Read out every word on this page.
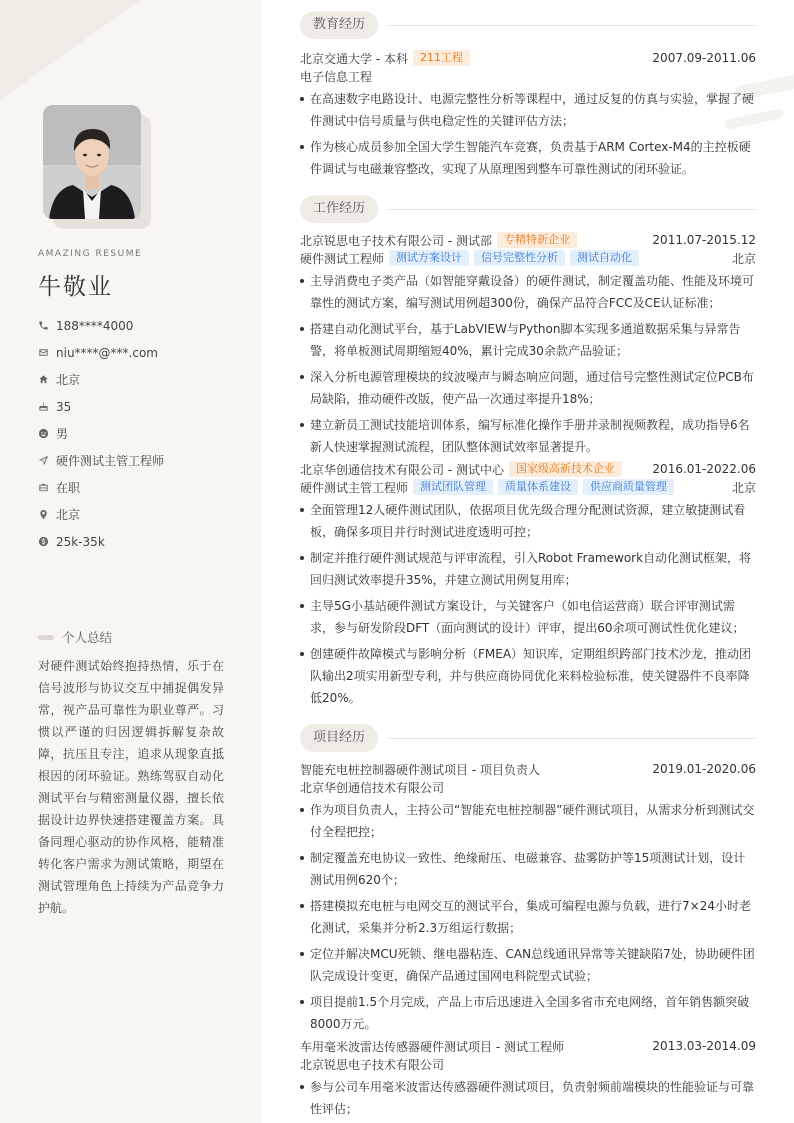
AMAZING RESUME
牛敬业
188****4000
niu****@***.com
北京
35
男
硬件测试主管工程师
在职
北京
25k-35k
个人总结

对硬件测试始终抱持热情，乐于在信号波形与协议交互中捕捉偶发异常，视产品可靠性为职业尊严。习惯以严谨的归因逻辑拆解复杂故障，抗压且专注，追求从现象直抵根因的闭环验证。熟练驾驭自动化测试平台与精密测量仪器，擅长依据设计边界快速搭建覆盖方案。具备同理心驱动的协作风格，能精准转化客户需求为测试策略，期望在测试管理角色上持续为产品竞争力护航。

教育经历
北京交通大学 - 本科	211工程	2007.09-2011.06
电子信息工程
在高速数字电路设计、电源完整性分析等课程中，通过反复的仿真与实验，掌握了硬件测试中信号质量与供电稳定性的关键评估方法；
作为核心成员参加全国大学生智能汽车竞赛，负责基于ARM Cortex-M4的主控板硬件调试与电磁兼容整改，实现了从原理图到整车可靠性测试的闭环验证。
工作经历
北京锐思电子技术有限公司 - 测试部	专精特新企业	2011.07-2015.12
硬件测试工程师	测试方案设计	信号完整性分析	测试自动化	北京
主导消费电子类产品（如智能穿戴设备）的硬件测试，制定覆盖功能、性能及环境可靠性的测试方案，编写测试用例超300份，确保产品符合FCC及CE认证标准；
搭建自动化测试平台，基于LabVIEW与Python脚本实现多通道数据采集与异常告警，将单板测试周期缩短40%，累计完成30余款产品验证；
深入分析电源管理模块的纹波噪声与瞬态响应问题，通过信号完整性测试定位PCB布局缺陷，推动硬件改版，使产品一次通过率提升18%；
建立新员工测试技能培训体系，编写标准化操作手册并录制视频教程，成功指导6名新人快速掌握测试流程，团队整体测试效率显著提升。
北京华创通信技术有限公司 - 测试中心	国家级高新技术企业	2016.01-2022.06
硬件测试主管工程师	测试团队管理	质量体系建设	供应商质量管理	北京
全面管理12人硬件测试团队，依据项目优先级合理分配测试资源，建立敏捷测试看板，确保多项目并行时测试进度透明可控；
制定并推行硬件测试规范与评审流程，引入Robot Framework自动化测试框架，将回归测试效率提升35%，并建立测试用例复用库；
主导5G小基站硬件测试方案设计，与关键客户（如电信运营商）联合评审测试需求，参与研发阶段DFT（面向测试的设计）评审，提出60余项可测试性优化建议；
创建硬件故障模式与影响分析（FMEA）知识库，定期组织跨部门技术沙龙，推动团队输出2项实用新型专利，并与供应商协同优化来料检验标准，使关键器件不良率降低20%。
项目经历
智能充电桩控制器硬件测试项目 - 项目负责人	2019.01-2020.06
北京华创通信技术有限公司
作为项目负责人，主持公司“智能充电桩控制器”硬件测试项目，从需求分析到测试交付全程把控；
制定覆盖充电协议一致性、绝缘耐压、电磁兼容、盐雾防护等15项测试计划，设计测试用例620个；
搭建模拟充电桩与电网交互的测试平台，集成可编程电源与负载，进行7×24小时老化测试，采集并分析2.3万组运行数据；
定位并解决MCU死锁、继电器粘连、CAN总线通讯异常等关键缺陷7处，协助硬件团队完成设计变更，确保产品通过国网电科院型式试验；
项目提前1.5个月完成，产品上市后迅速进入全国多省市充电网络，首年销售额突破8000万元。
车用毫米波雷达传感器硬件测试项目 - 测试工程师	2013.03-2014.09
北京锐思电子技术有限公司
参与公司车用毫米波雷达传感器硬件测试项目，负责射频前端模块的性能验证与可靠性评估；
